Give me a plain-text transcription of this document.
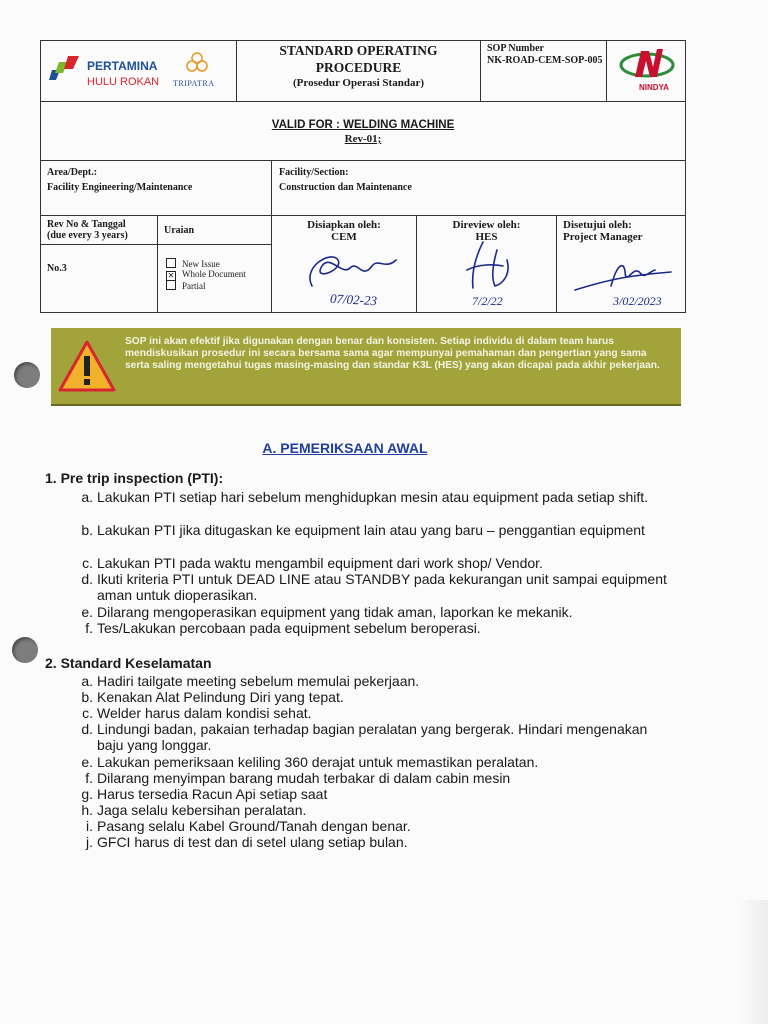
PERTAMINA
HULU ROKAN TRIPATRA
STANDARD OPERATING
PROCEDURE
(Prosedur Operasi Standar)
SOP Number
NK-ROAD-CEM-SOP-005
NINDYA
VALID FOR : WELDING MACHINE
Rev-01;
Area/Dept.:
Facility Engineering/Maintenance
Facility/Section:
Construction dan Maintenance
Rev No & Tanggal
(due every 3 years)
No.3
Uraian
New Issue
✕ Whole Document
Partial
Disiapkan oleh:
CEM
07/02-23
Direview oleh:
HES
7/2/22
Disetujui oleh:
Project Manager
3/02/2023
SOP ini akan efektif jika digunakan dengan benar dan konsisten. Setiap individu di dalam team harus mendiskusikan prosedur ini secara bersama sama agar mempunyai pemahaman dan pengertian yang sama serta saling mengetahui tugas masing-masing dan standar K3L (HES) yang akan dicapai pada akhir pekerjaan.
A. PEMERIKSAAN AWAL
1. Pre trip inspection (PTI):
a. Lakukan PTI setiap hari sebelum menghidupkan mesin atau equipment pada setiap shift.
b. Lakukan PTI jika ditugaskan ke equipment lain atau yang baru – penggantian equipment
c. Lakukan PTI pada waktu mengambil equipment dari work shop/ Vendor.
d. Ikuti kriteria PTI untuk DEAD LINE atau STANDBY pada kekurangan unit sampai equipment aman untuk dioperasikan.
e. Dilarang mengoperasikan equipment yang tidak aman, laporkan ke mekanik.
f. Tes/Lakukan percobaan pada equipment sebelum beroperasi.
2. Standard Keselamatan
a. Hadiri tailgate meeting sebelum memulai pekerjaan.
b. Kenakan Alat Pelindung Diri yang tepat.
c. Welder harus dalam kondisi sehat.
d. Lindungi badan, pakaian terhadap bagian peralatan yang bergerak. Hindari mengenakan baju yang longgar.
e. Lakukan pemeriksaan keliling 360 derajat untuk memastikan peralatan.
f. Dilarang menyimpan barang mudah terbakar di dalam cabin mesin
g. Harus tersedia Racun Api setiap saat
h. Jaga selalu kebersihan peralatan.
i. Pasang selalu Kabel Ground/Tanah dengan benar.
j. GFCI harus di test dan di setel ulang setiap bulan.
